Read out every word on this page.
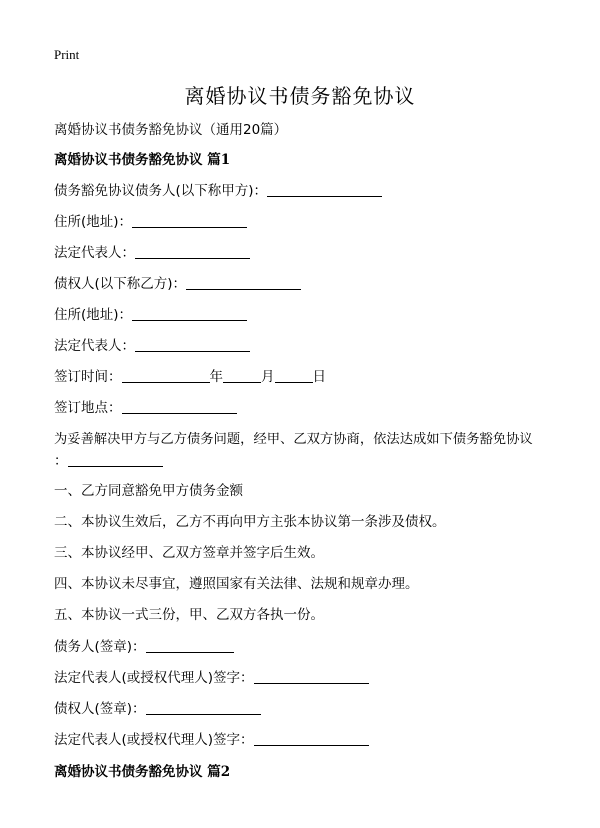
Print
离婚协议书债务豁免协议
离婚协议书债务豁免协议（通用20篇）
离婚协议书债务豁免协议 篇1
债务豁免协议债务人(以下称甲方)：
住所(地址)：
法定代表人：
债权人(以下称乙方)：
住所(地址)：
法定代表人：
签订时间：	年	月	日
签订地点：
为妥善解决甲方与乙方债务问题，经甲、乙双方协商，依法达成如下债务豁免协议
：
一、乙方同意豁免甲方债务金额
二、本协议生效后，乙方不再向甲方主张本协议第一条涉及债权。
三、本协议经甲、乙双方签章并签字后生效。
四、本协议未尽事宜，遵照国家有关法律、法规和规章办理。
五、本协议一式三份，甲、乙双方各执一份。
债务人(签章)：
法定代表人(或授权代理人)签字：
债权人(签章)：
法定代表人(或授权代理人)签字：
离婚协议书债务豁免协议 篇2
